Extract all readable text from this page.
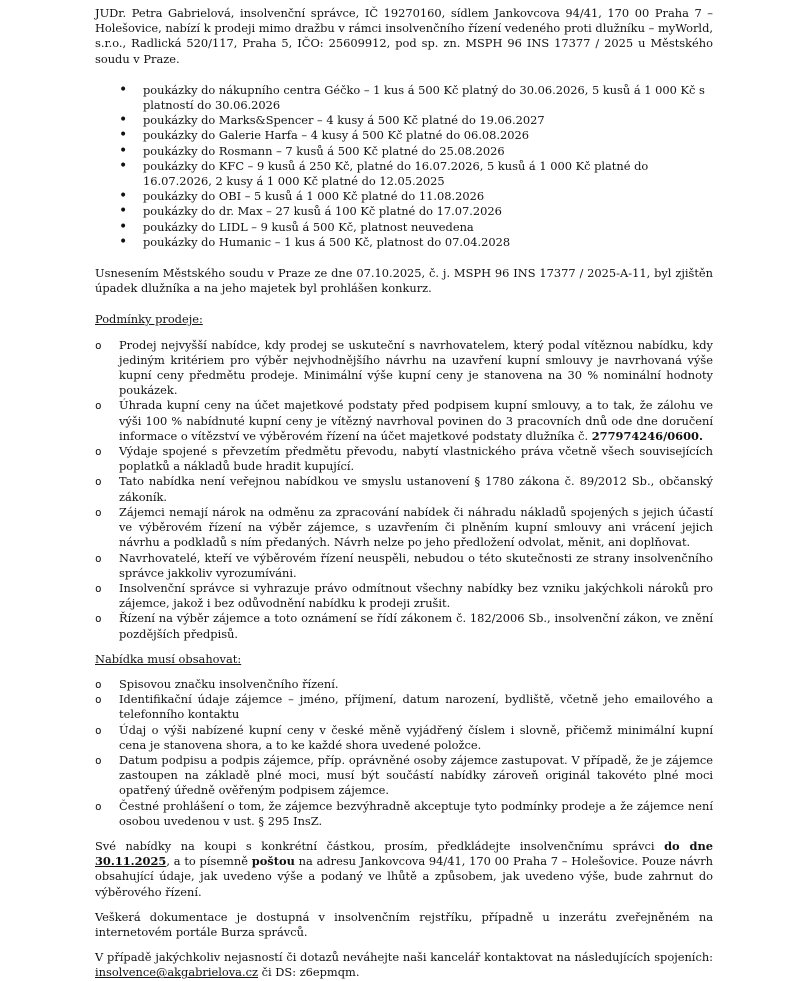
JUDr. Petra Gabrielová, insolvenční správce, IČ 19270160, sídlem Jankovcova 94/41, 170 00 Praha 7 – Holešovice, nabízí k prodeji mimo dražbu v rámci insolvenčního řízení vedeného proti dlužníku – myWorld, s.r.o., Radlická 520/117, Praha 5, IČO: 25609912, pod sp. zn. MSPH 96 INS 17377 / 2025 u Městského soudu v Praze.

• poukázky do nákupního centra Géčko – 1 kus á 500 Kč platný do 30.06.2026, 5 kusů á 1 000 Kč s platností do 30.06.2026
• poukázky do Marks&Spencer – 4 kusy á 500 Kč platné do 19.06.2027
• poukázky do Galerie Harfa – 4 kusy á 500 Kč platné do 06.08.2026
• poukázky do Rosmann – 7 kusů á 500 Kč platné do 25.08.2026
• poukázky do KFC – 9 kusů á 250 Kč, platné do 16.07.2026, 5 kusů á 1 000 Kč platné do 16.07.2026, 2 kusy á 1 000 Kč platné do 12.05.2025
• poukázky do OBI – 5 kusů á 1 000 Kč platné do 11.08.2026
• poukázky do dr. Max – 27 kusů á 100 Kč platné do 17.07.2026
• poukázky do LIDL – 9 kusů á 500 Kč, platnost neuvedena
• poukázky do Humanic – 1 kus á 500 Kč, platnost do 07.04.2028

Usnesením Městského soudu v Praze ze dne 07.10.2025, č. j. MSPH 96 INS 17377 / 2025-A-11, byl zjištěn úpadek dlužníka a na jeho majetek byl prohlášen konkurz.

Podmínky prodeje:

o Prodej nejvyšší nabídce, kdy prodej se uskuteční s navrhovatelem, který podal vítěznou nabídku, kdy jediným kritériem pro výběr nejvhodnějšího návrhu na uzavření kupní smlouvy je navrhovaná výše kupní ceny předmětu prodeje. Minimální výše kupní ceny je stanovena na 30 % nominální hodnoty poukázek.
o Úhrada kupní ceny na účet majetkové podstaty před podpisem kupní smlouvy, a to tak, že zálohu ve výši 100 % nabídnuté kupní ceny je vítězný navrhoval povinen do 3 pracovních dnů ode dne doručení informace o vítězství ve výběrovém řízení na účet majetkové podstaty dlužníka č. 277974246/0600.
o Výdaje spojené s převzetím předmětu převodu, nabytí vlastnického práva včetně všech souvisejících poplatků a nákladů bude hradit kupující.
o Tato nabídka není veřejnou nabídkou ve smyslu ustanovení § 1780 zákona č. 89/2012 Sb., občanský zákoník.
o Zájemci nemají nárok na odměnu za zpracování nabídek či náhradu nákladů spojených s jejich účastí ve výběrovém řízení na výběr zájemce, s uzavřením či plněním kupní smlouvy ani vrácení jejich návrhu a podkladů s ním předaných. Návrh nelze po jeho předložení odvolat, měnit, ani doplňovat.
o Navrhovatelé, kteří ve výběrovém řízení neuspěli, nebudou o této skutečnosti ze strany insolvenčního správce jakkoliv vyrozumíváni.
o Insolvenční správce si vyhrazuje právo odmítnout všechny nabídky bez vzniku jakýchkoli nároků pro zájemce, jakož i bez odůvodnění nabídku k prodeji zrušit.
o Řízení na výběr zájemce a toto oznámení se řídí zákonem č. 182/2006 Sb., insolvenční zákon, ve znění pozdějších předpisů.

Nabídka musí obsahovat:

o Spisovou značku insolvenčního řízení.
o Identifikační údaje zájemce – jméno, příjmení, datum narození, bydliště, včetně jeho emailového a telefonního kontaktu
o Údaj o výši nabízené kupní ceny v české měně vyjádřený číslem i slovně, přičemž minimální kupní cena je stanovena shora, a to ke každé shora uvedené položce.
o Datum podpisu a podpis zájemce, příp. oprávněné osoby zájemce zastupovat. V případě, že je zájemce zastoupen na základě plné moci, musí být součástí nabídky zároveň originál takovéto plné moci opatřený úředně ověřeným podpisem zájemce.
o Čestné prohlášení o tom, že zájemce bezvýhradně akceptuje tyto podmínky prodeje a že zájemce není osobou uvedenou v ust. § 295 InsZ.

Své nabídky na koupi s konkrétní částkou, prosím, předkládejte insolvenčnímu správci do dne 30.11.2025, a to písemně poštou na adresu Jankovcova 94/41, 170 00 Praha 7 – Holešovice. Pouze návrh obsahující údaje, jak uvedeno výše a podaný ve lhůtě a způsobem, jak uvedeno výše, bude zahrnut do výběrového řízení.

Veškerá dokumentace je dostupná v insolvenčním rejstříku, případně u inzerátu zveřejněném na internetovém portále Burza správců.

V případě jakýchkoliv nejasností či dotazů neváhejte naši kancelář kontaktovat na následujících spojeních: insolvence@akgabrielova.cz či DS: z6epmqm.
